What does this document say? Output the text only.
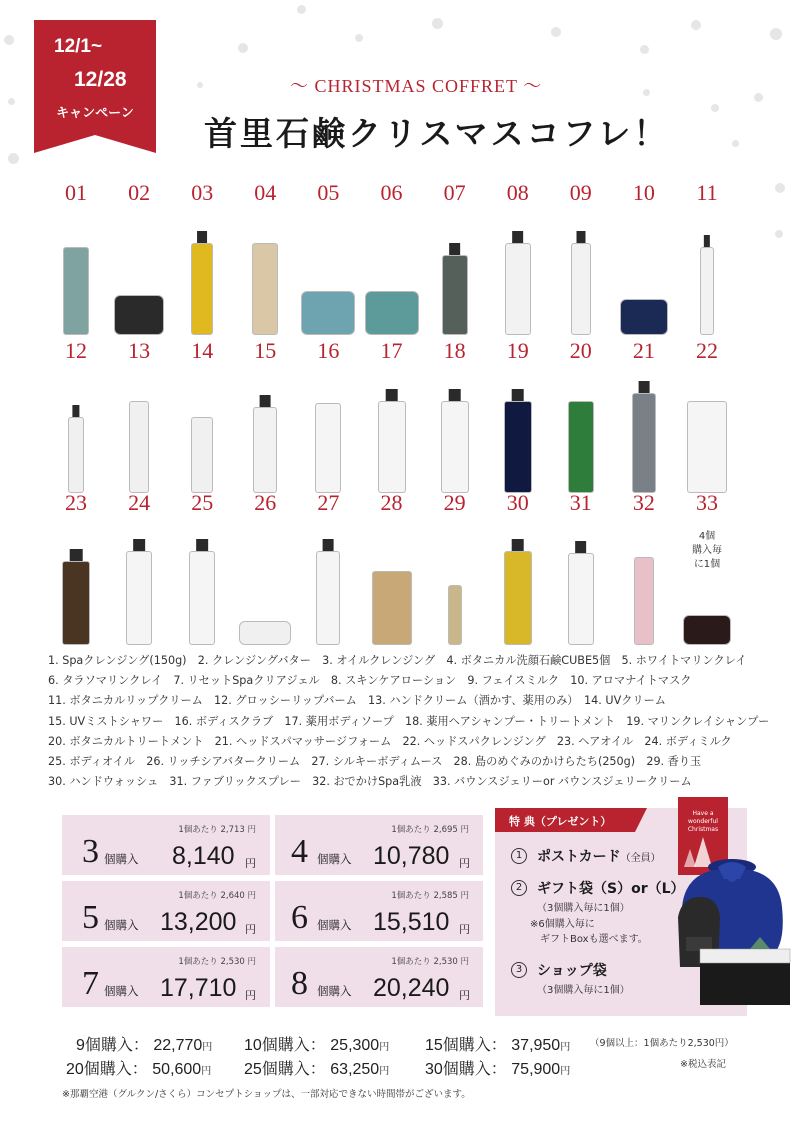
12/1~
12/28
キャンペーン
〜 CHRISTMAS COFFRET 〜
首里石鹸クリスマスコフレ！
01	02	03	04	05	06	07	08	09	10	11
12	13	14	15	16	17	18	19	20	21	22
23	24	25	26	27	28	29	30	31	32	33
4個
購入毎
に1個
1. Spaクレンジング(150g)　2. クレンジングバター　3. オイルクレンジング　4. ボタニカル洗顔石鹸CUBE5個　5. ホワイトマリンクレイ
6. タラソマリンクレイ　7. リセットSpaクリアジェル　8. スキンケアローション　9. フェイスミルク　10. アロマナイトマスク
11. ボタニカルリップクリーム　12. グロッシーリップバーム　13. ハンドクリーム（酒かす、薬用のみ）　14. UVクリーム
15. UVミストシャワー　16. ボディスクラブ　17. 薬用ボディソープ　18. 薬用ヘアシャンプー・トリートメント　19. マリンクレイシャンプー
20. ボタニカルトリートメント　21. ヘッドスパマッサージフォーム　22. ヘッドスパクレンジング　23. ヘアオイル　24. ボディミルク
25. ボディオイル　26. リッチシアバタークリーム　27. シルキーボディムース　28. 島のめぐみのかけらたち(250g)　29. 香り玉
30. ハンドウォッシュ　31. ファブリックスプレー　32. おでかけSpa乳液　33. バウンスジェリーor バウンスジェリークリーム
1個あたり 2,713 円
3 個購入 8,140 円
1個あたり 2,695 円
4 個購入 10,780 円
1個あたり 2,640 円
5 個購入 13,200 円
1個あたり 2,585 円
6 個購入 15,510 円
1個あたり 2,530 円
7 個購入 17,710 円
1個あたり 2,530 円
8 個購入 20,240 円
特 典（プレゼント）
1	ポストカード（全員）
2	ギフト袋（S）or（L）
（3個購入毎に1個）
※6個購入毎に
ギフトBoxも選べます。
3	ショップ袋
（3個購入毎に1個）
Have a wonderful Christmas
9個購入： 22,770円 10個購入： 25,300円 15個購入： 37,950円 （9個以上：1個あたり2,530円）
20個購入： 50,600円 25個購入： 63,250円 30個購入： 75,900円
※税込表記
※那覇空港（グルクン/さくら）コンセプトショップは、一部対応できない時間帯がございます。
